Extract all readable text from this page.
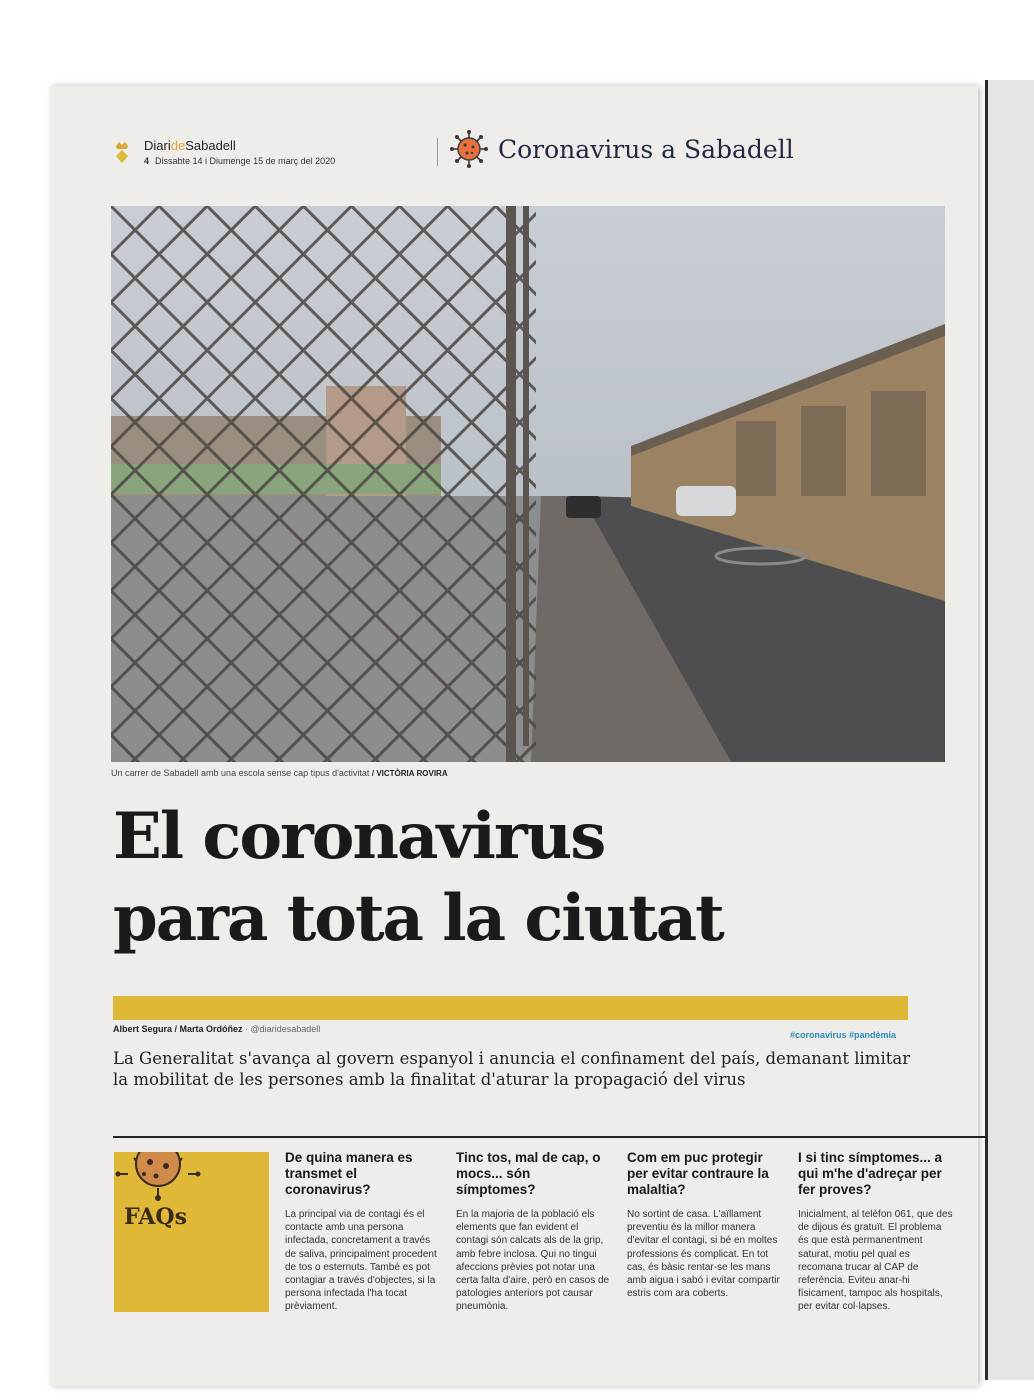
DiarideSabadell
4 Dissabte 14 i Diumenge 15 de març del 2020	Coronavirus a Sabadell
Un carrer de Sabadell amb una escola sense cap tipus d'activitat / VICTÒRIA ROVIRA
El coronavirus
para tota la ciutat
Albert Segura / Marta Ordóñez · @diaridesabadell
#coronavirus #pandèmia
La Generalitat s'avança al govern espanyol i anuncia el confinament del país, demanant limitar la mobilitat de les persones amb la finalitat d'aturar la propagació del virus
FAQs
De quina manera es transmet el coronavirus?

La principal via de contagi és el contacte amb una persona infectada, concretament a través de saliva, principalment procedent de tos o esternuts. També es pot contagiar a través d'objectes, si la persona infectada l'ha tocat prèviament.

Tinc tos, mal de cap, o mocs... són símptomes?

En la majoria de la població els elements que fan evident el contagi són calcats als de la grip, amb febre inclosa. Qui no tingui afeccions prèvies pot notar una certa falta d'aire, però en casos de patologies anteriors pot causar pneumònia.

Com em puc protegir per evitar contraure la malaltia?

No sortint de casa. L'aïllament preventiu és la millor manera d'evitar el contagi, si bé en moltes professions és complicat. En tot cas, és bàsic rentar-se les mans amb aigua i sabó i evitar compartir estris com ara coberts.

I si tinc símptomes... a qui m'he d'adreçar per fer proves?

Inicialment, al telèfon 061, que des de dijous és gratuït. El problema és que està permanentment saturat, motiu pel qual es recomana trucar al CAP de referència. Eviteu anar-hi físicament, tampoc als hospitals, per evitar col·lapses.
